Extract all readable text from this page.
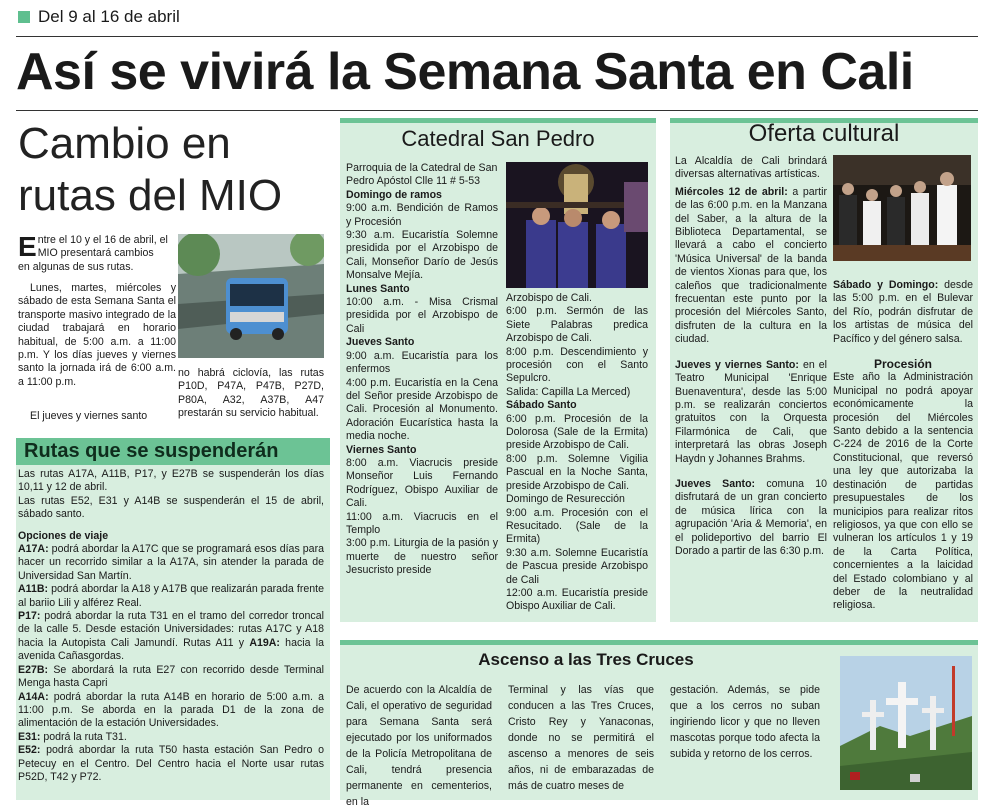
Del 9 al 16 de abril
Así se vivirá la Semana Santa en Cali
Cambio en
rutas del MIO
E ntre el 10 y el 16 de abril, el
MIO presentará cambios
en algunas de sus rutas.

Lunes, martes, miércoles y sábado de esta Semana Santa el transporte masivo integrado de la ciudad trabajará en horario habitual, de 5:00 a.m. a 11:00 p.m. Y los días jueves y viernes santo la jornada irá de 6:00 a.m. a 11:00 p.m.

El jueves y viernes santo

no habrá ciclovía, las rutas P10D, P47A, P47B, P27D, P80A, A32, A37B, A47 prestarán su servicio habitual.

Rutas que se suspenderán

Las rutas A17A, A11B, P17, y E27B se suspenderán los días 10,11 y 12 de abril.

Las rutas E52, E31 y A14B se suspenderán el 15 de abril, sábado santo.

Opciones de viaje

A17A: podrá abordar la A17C que se programará esos días para hacer un recorrido similar a la A17A, sin atender la parada de Universidad San Martín.

A11B: podrá abordar la A18 y A17B que realizarán parada frente al bariio Lili y alférez Real.

P17: podrá abordar la ruta T31 en el tramo del corredor troncal de la calle 5. Desde estación Universidades: rutas A17C y A18 hacia la Autopista Cali Jamundí. Rutas A11 y A19A: hacia la avenida Cañasgordas.

E27B: Se abordará la ruta E27 con recorrido desde Terminal Menga hasta Capri

A14A: podrá abordar la ruta A14B en horario de 5:00 a.m. a 11:00 p.m. Se aborda en la parada D1 de la zona de alimentación de la estación Universidades.

E31: podrá la ruta T31.

E52: podrá abordar la ruta T50 hasta estación San Pedro o Petecuy en el Centro. Del Centro hacia el Norte usar rutas P52D, T42 y P72.

Catedral San Pedro

Parroquia de la Catedral de San Pedro Apóstol Clle 11 # 5-53

Domingo de ramos

9:00 a.m. Bendición de Ramos y Procesión

9:30 a.m. Eucaristía Solemne presidida por el Arzobispo de Cali, Monseñor Darío de Jesús Monsalve Mejía.

Lunes Santo

10:00 a.m. - Misa Crismal presidida por el Arzobispo de Cali

Jueves Santo

9:00 a.m. Eucaristía para los enfermos

4:00 p.m. Eucaristía en la Cena del Señor preside Arzobispo de Cali. Procesión al Monumento. Adoración Eucarística hasta la media noche.

Viernes Santo

8:00 a.m. Viacrucis preside Monseñor Luis Fernando Rodríguez, Obispo Auxiliar de Cali.

11:00 a.m. Viacrucis en el Templo

3:00 p.m. Liturgia de la pasión y muerte de nuestro señor Jesucristo preside

Arzobispo de Cali.

6:00 p.m. Sermón de las Siete Palabras predica Arzobispo de Cali.

8:00 p.m. Descendimiento y procesión con el Santo Sepulcro.

Salida: Capilla La Merced)

Sábado Santo

6:00 p.m. Procesión de la Dolorosa (Sale de la Ermita) preside Arzobispo de Cali.

8:00 p.m. Solemne Vigilia Pascual en la Noche Santa, preside Arzobispo de Cali.

Domingo de Resurección

9:00 a.m. Procesión con el Resucitado. (Sale de la Ermita)

9:30 a.m. Solemne Eucaristía de Pascua preside Arzobispo de Cali

12:00 a.m. Eucaristía preside Obispo Auxiliar de Cali.

Oferta cultural

La Alcaldía de Cali brindará diversas alternativas artísticas.

Miércoles 12 de abril: a partir de las 6:00 p.m. en la Manzana del Saber, a la altura de la Biblioteca Departamental, se llevará a cabo el concierto 'Música Universal' de la banda de vientos Xionas para que, los caleños que tradicionalmente frecuentan este punto por la procesión del Miércoles Santo, disfruten de la cultura en la ciudad.

Jueves y viernes Santo: en el Teatro Municipal 'Enrique Buenaventura', desde las 5:00 p.m. se realizarán conciertos gratuitos con la Orquesta Filarmónica de Cali, que interpretará las obras Joseph Haydn y Johannes Brahms.

Jueves Santo: comuna 10 disfrutará de un gran concierto de música lírica con la agrupación 'Aria & Memoria', en el polideportivo del barrio El Dorado a partir de las 6:30 p.m.

Sábado y Domingo: desde las 5:00 p.m. en el Bulevar del Río, podrán disfrutar de los artistas de música del Pacífico y del género salsa.

Procesión

Este año la Administración Municipal no podrá apoyar económicamente la procesión del Miércoles Santo debido a la sentencia C-224 de 2016 de la Corte Constitucional, que reversó una ley que autorizaba la destinación de partidas presupuestales de los municipios para realizar ritos religiosos, ya que con ello se vulneran los artículos 1 y 19 de la Carta Política, concernientes a la laicidad del Estado colombiano y al deber de la neutralidad religiosa.

Ascenso a las Tres Cruces

De acuerdo con la Alcaldía de Cali, el operativo de seguridad para Semana Santa será ejecutado por los uniformados de la Policía Metropolitana de Cali, tendrá presencia permanente en cementerios, en la

Terminal y las vías que conducen a las Tres Cruces, Cristo Rey y Yanaconas, donde no se permitirá el ascenso a menores de seis años, ni de embarazadas de más de cuatro meses de

gestación. Además, se pide que a los cerros no suban ingiriendo licor y que no lleven mascotas porque todo afecta la subida y retorno de los cerros.
